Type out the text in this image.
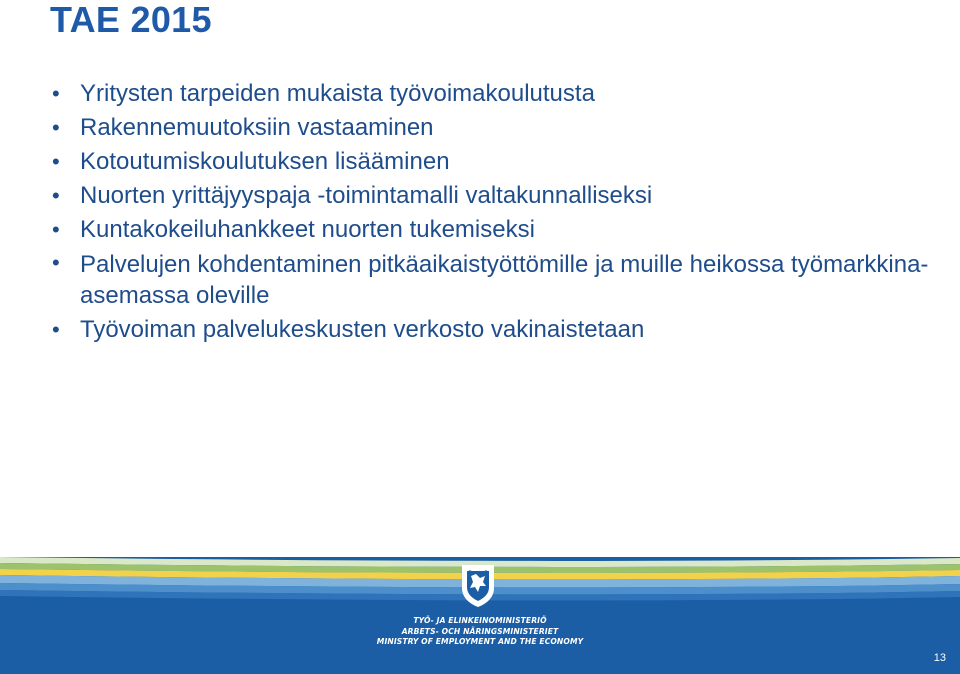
TAE 2015
• Yritysten tarpeiden mukaista työvoimakoulutusta
• Rakennemuutoksiin vastaaminen
• Kotoutumiskoulutuksen lisääminen
• Nuorten yrittäjyyspaja -toimintamalli valtakunnalliseksi
• Kuntakokeiluhankkeet nuorten tukemiseksi
• Palvelujen kohdentaminen pitkäaikaistyöttömille ja muille heikossa työmarkkina-asemassa oleville
• Työvoiman palvelukeskusten verkosto vakinaistetaan
TYÖ- JA ELINKEINOMINISTERIÖ
ARBETS- OCH NÄRINGSMINISTERIET
MINISTRY OF EMPLOYMENT AND THE ECONOMY
13
